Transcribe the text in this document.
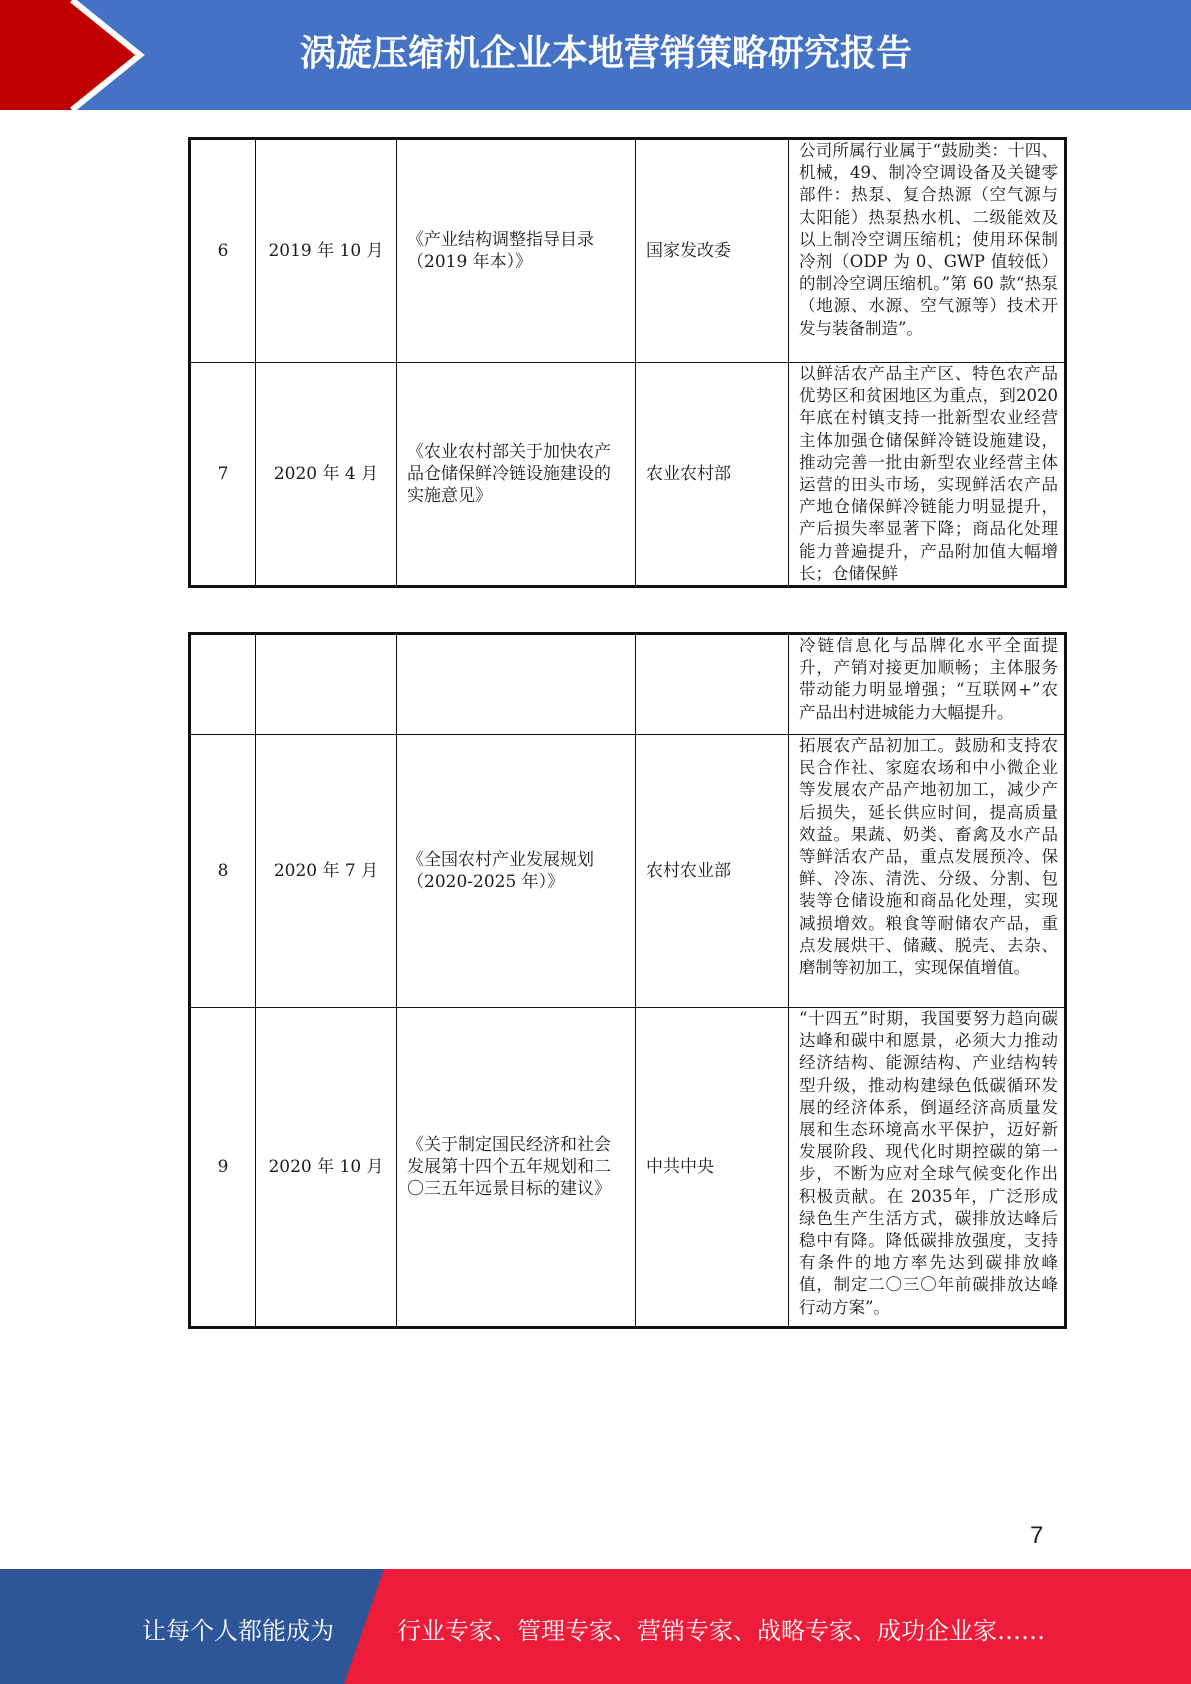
涡旋压缩机企业本地营销策略研究报告
6	2019 年 10 月	《产业结构调整指导目录（2019 年本）》	国家发改委	公司所属行业属于“鼓励类：十四、机械，49、制冷空调设备及关键零部件：热泵、复合热源（空气源与太阳能）热泵热水机、二级能效及以上制冷空调压缩机；使用环保制冷剂（ODP 为 0、GWP 值较低）的制冷空调压缩机。”第 60 款“热泵（地源、水源、空气源等）技术开发与装备制造”。

7	2020 年 4 月	《农业农村部关于加快农产品仓储保鲜冷链设施建设的实施意见》	农业农村部	以鲜活农产品主产区、特色农产品优势区和贫困地区为重点，到2020年底在村镇支持一批新型农业经营主体加强仓储保鲜冷链设施建设，推动完善一批由新型农业经营主体运营的田头市场，实现鲜活农产品产地仓储保鲜冷链能力明显提升，产后损失率显著下降；商品化处理能力普遍提升，产品附加值大幅增长；仓储保鲜

				冷链信息化与品牌化水平全面提升，产销对接更加顺畅；主体服务带动能力明显增强；“互联网+”农产品出村进城能力大幅提升。

8	2020 年 7 月	《全国农村产业发展规划（2020-2025 年）》	农村农业部	拓展农产品初加工。鼓励和支持农民合作社、家庭农场和中小微企业等发展农产品产地初加工，减少产后损失，延长供应时间，提高质量效益。果蔬、奶类、畜禽及水产品等鲜活农产品，重点发展预冷、保鲜、冷冻、清洗、分级、分割、包装等仓储设施和商品化处理，实现减损增效。粮食等耐储农产品，重点发展烘干、储藏、脱壳、去杂、磨制等初加工，实现保值增值。

9	2020 年 10 月	《关于制定国民经济和社会发展第十四个五年规划和二〇三五年远景目标的建议》	中共中央	“十四五”时期，我国要努力趋向碳达峰和碳中和愿景，必须大力推动经济结构、能源结构、产业结构转型升级，推动构建绿色低碳循环发展的经济体系，倒逼经济高质量发展和生态环境高水平保护，迈好新发展阶段、现代化时期控碳的第一步，不断为应对全球气候变化作出积极贡献。在 2035年，广泛形成绿色生产生活方式，碳排放达峰后稳中有降。降低碳排放强度，支持有条件的地方率先达到碳排放峰值，制定二〇三〇年前碳排放达峰行动方案”。
7
让每个人都能成为	行业专家、管理专家、营销专家、战略专家、成功企业家……
